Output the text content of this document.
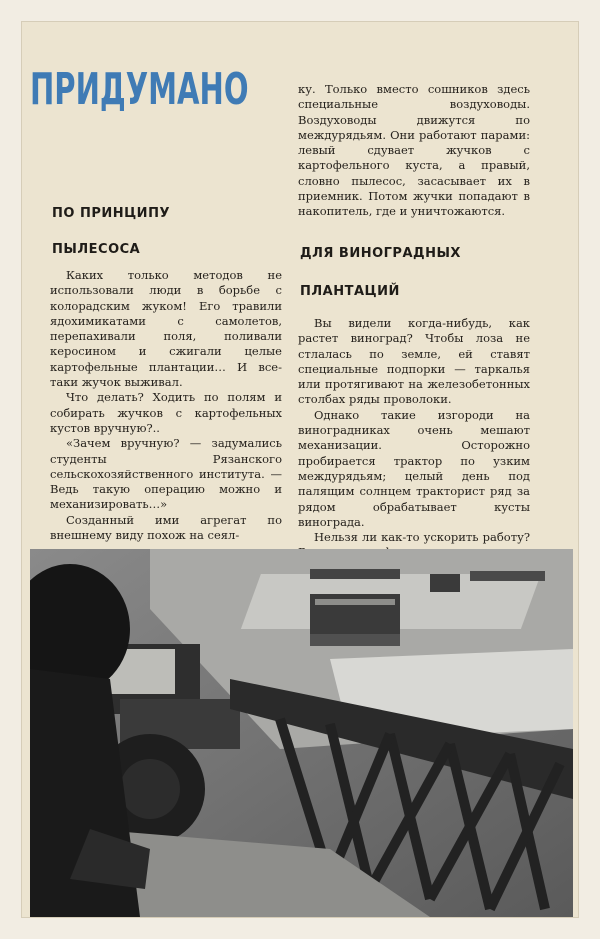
ПРИДУМАНО
ПО ПРИНЦИПУ
ПЫЛЕСОСА

Каких только методов не использовали люди в борьбе с колорадским жуком! Его травили ядохимикатами с самолетов, перепахивали поля, поливали керосином и сжигали целые картофельные плантации… И все-таки жучок выживал.

Что делать? Ходить по полям и собирать жучков с картофельных кустов вручную?..

«Зачем вручную? — задумались студенты Рязанского сельскохозяйственного института. — Ведь такую операцию можно и механизировать…»

Созданный ими агрегат по внешнему виду похож на сеял-

ку. Только вместо сошников здесь специальные воздуховоды. Воздуховоды движутся по междурядьям. Они работают парами: левый сдувает жучков с картофельного куста, а правый, словно пылесос, засасывает их в приемник. Потом жучки попадают в накопитель, где и уничтожаются.

ДЛЯ ВИНОГРАДНЫХ
ПЛАНТАЦИЙ

Вы видели когда-нибудь, как растет виноград? Чтобы лоза не стлалась по земле, ей ставят специальные подпорки — таркалья или протягивают на железобетонных столбах ряды проволоки.

Однако такие изгороди на виноградниках очень мешают механизации. Осторожно пробирается трактор по узким междурядьям; целый день под палящим солнцем тракторист ряд за рядом обрабатывает кусты винограда.

Нельзя ли как-то ускорить работу?
